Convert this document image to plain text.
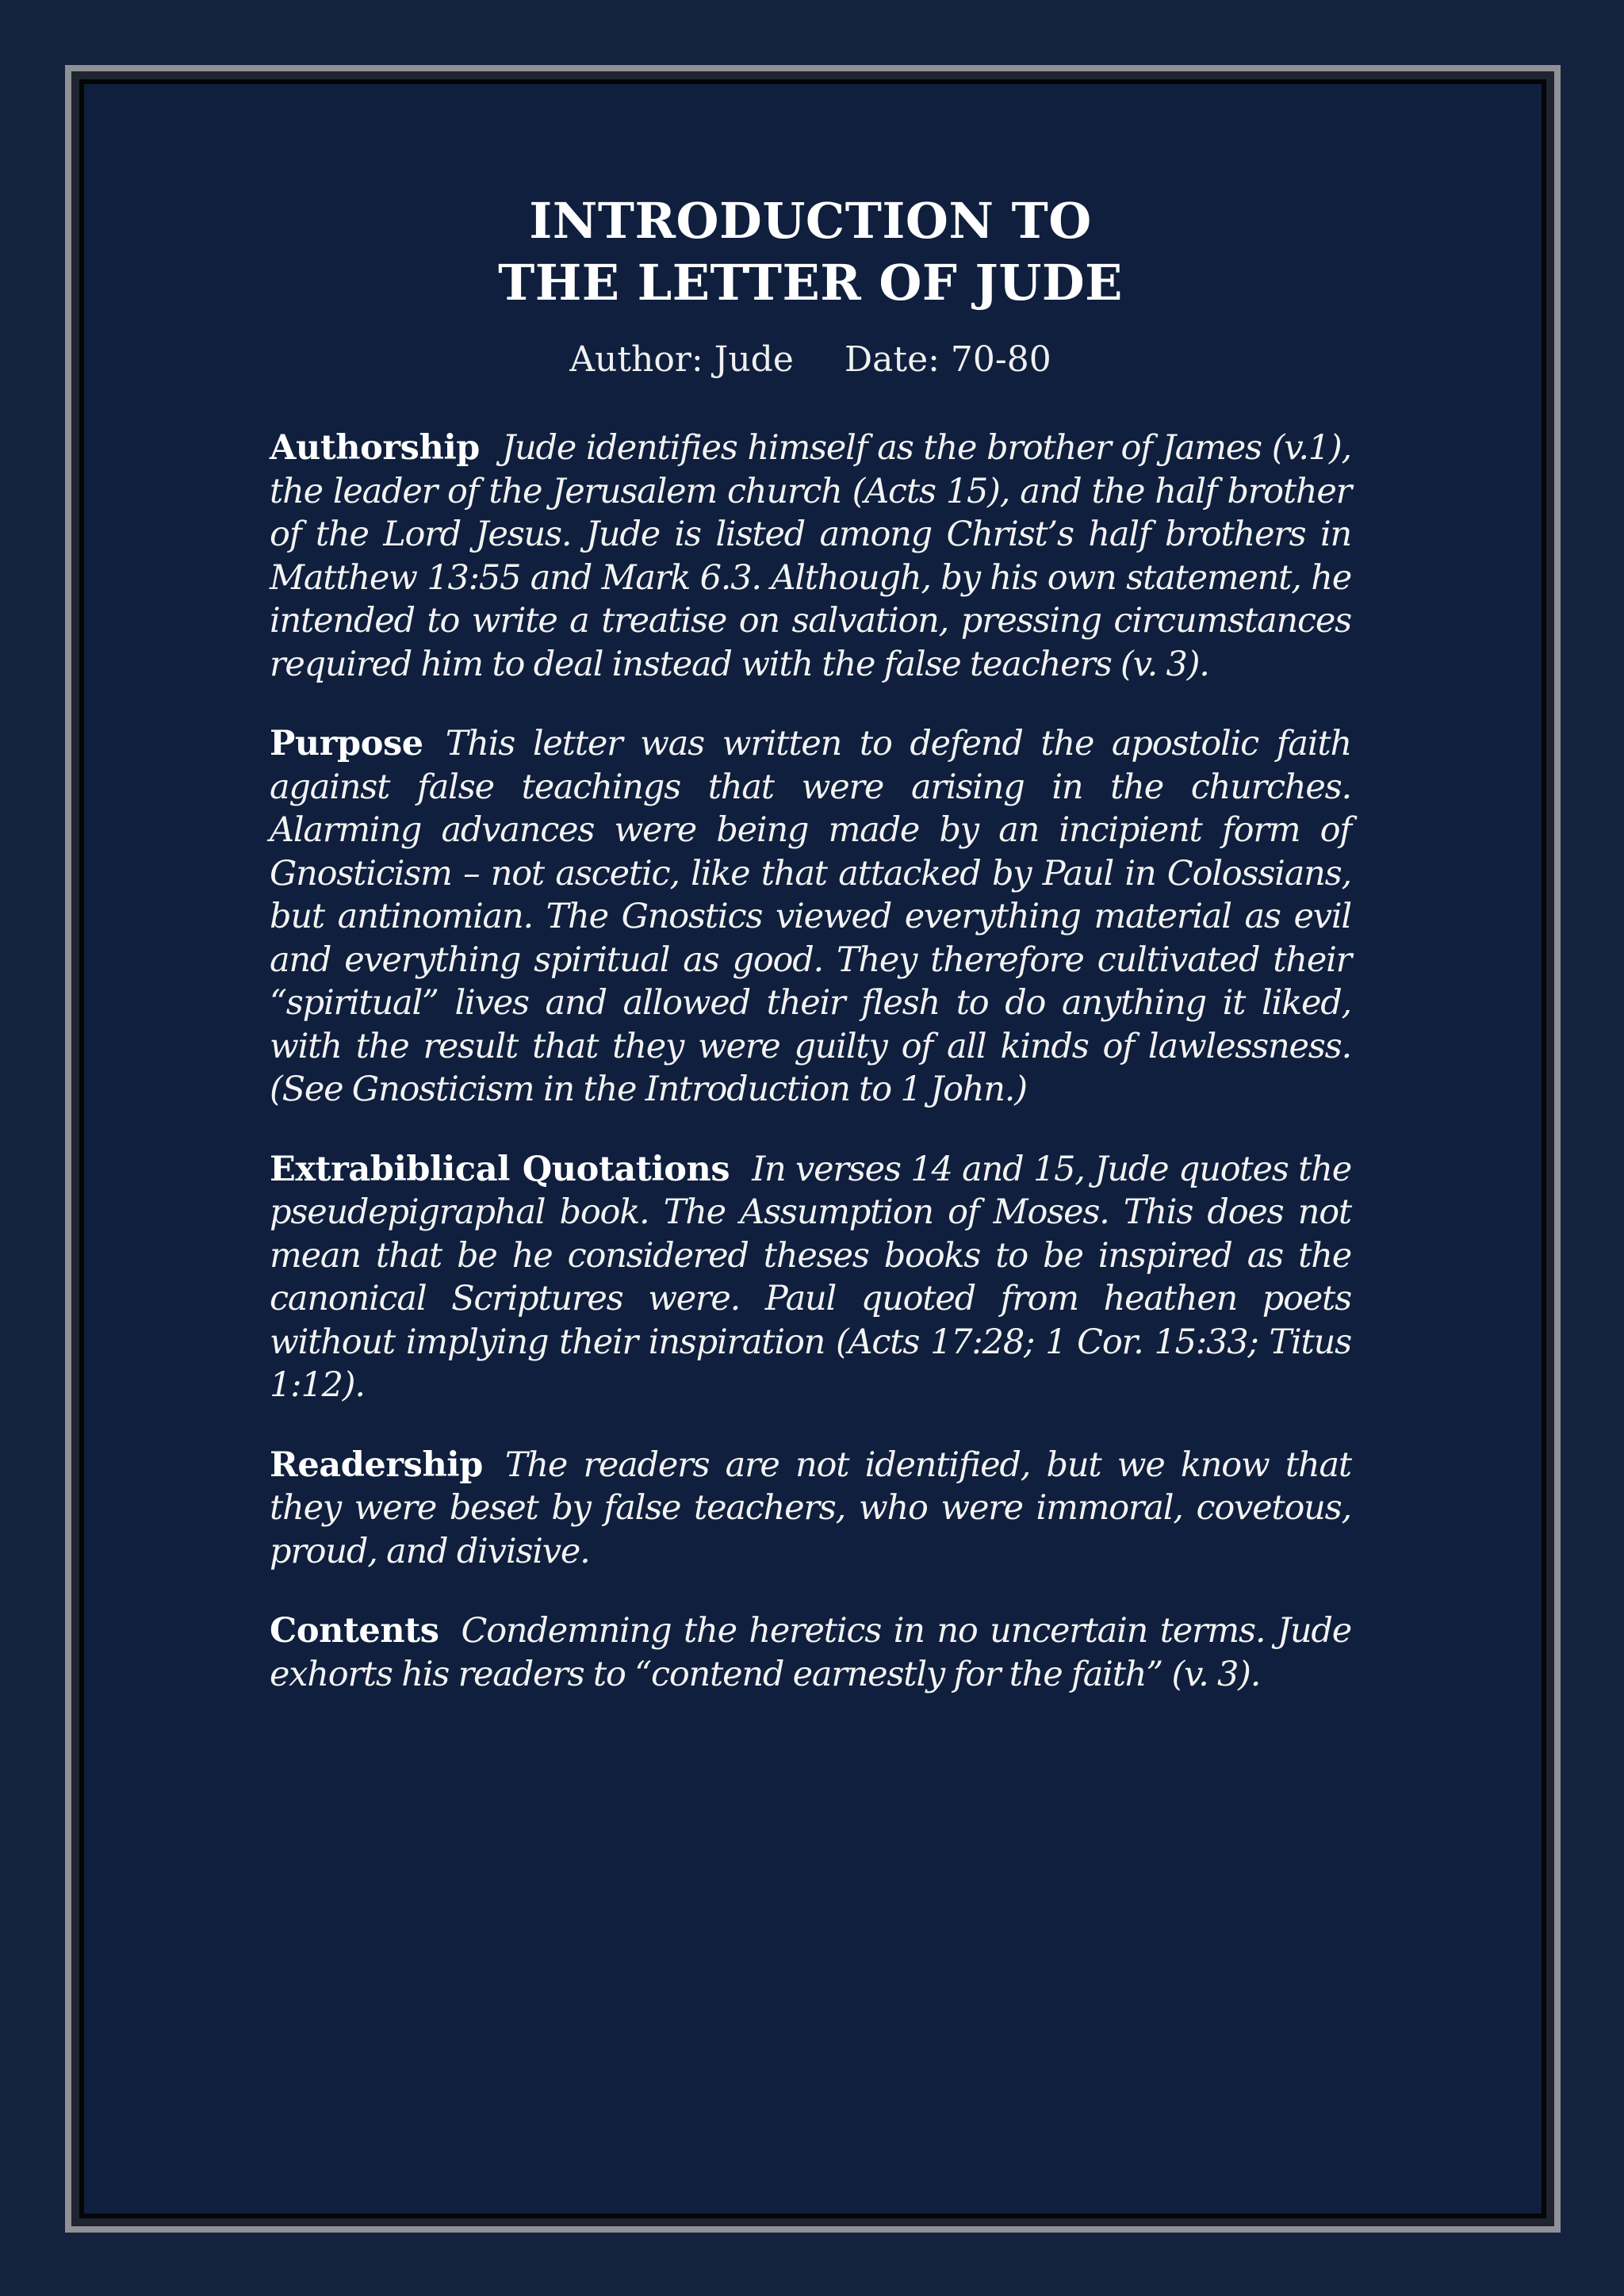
INTRODUCTION TO
THE LETTER OF JUDE
Author: Jude Date: 70-80

Authorship Jude identifies himself as the brother of James (v.1), the leader of the Jerusalem church (Acts 15), and the half brother of the Lord Jesus. Jude is listed among Christ’s half brothers in Matthew 13:55 and Mark 6.3. Although, by his own statement, he intended to write a treatise on salvation, pressing circumstances required him to deal instead with the false teachers (v. 3).

Purpose This letter was written to defend the apostolic faith against false teachings that were arising in the churches. Alarming advances were being made by an incipient form of Gnosticism – not ascetic, like that attacked by Paul in Colossians, but antinomian. The Gnostics viewed everything material as evil and everything spiritual as good. They therefore cultivated their “spiritual” lives and allowed their flesh to do anything it liked, with the result that they were guilty of all kinds of lawlessness. (See Gnosticism in the Introduction to 1 John.)

Extrabiblical Quotations In verses 14 and 15, Jude quotes the pseudepigraphal book. The Assumption of Moses. This does not mean that be he considered theses books to be inspired as the canonical Scriptures were. Paul quoted from heathen poets without implying their inspiration (Acts 17:28; 1 Cor. 15:33; Titus 1:12).

Readership The readers are not identified, but we know that they were beset by false teachers, who were immoral, covetous, proud, and divisive.

Contents Condemning the heretics in no uncertain terms. Jude exhorts his readers to “contend earnestly for the faith” (v. 3).
